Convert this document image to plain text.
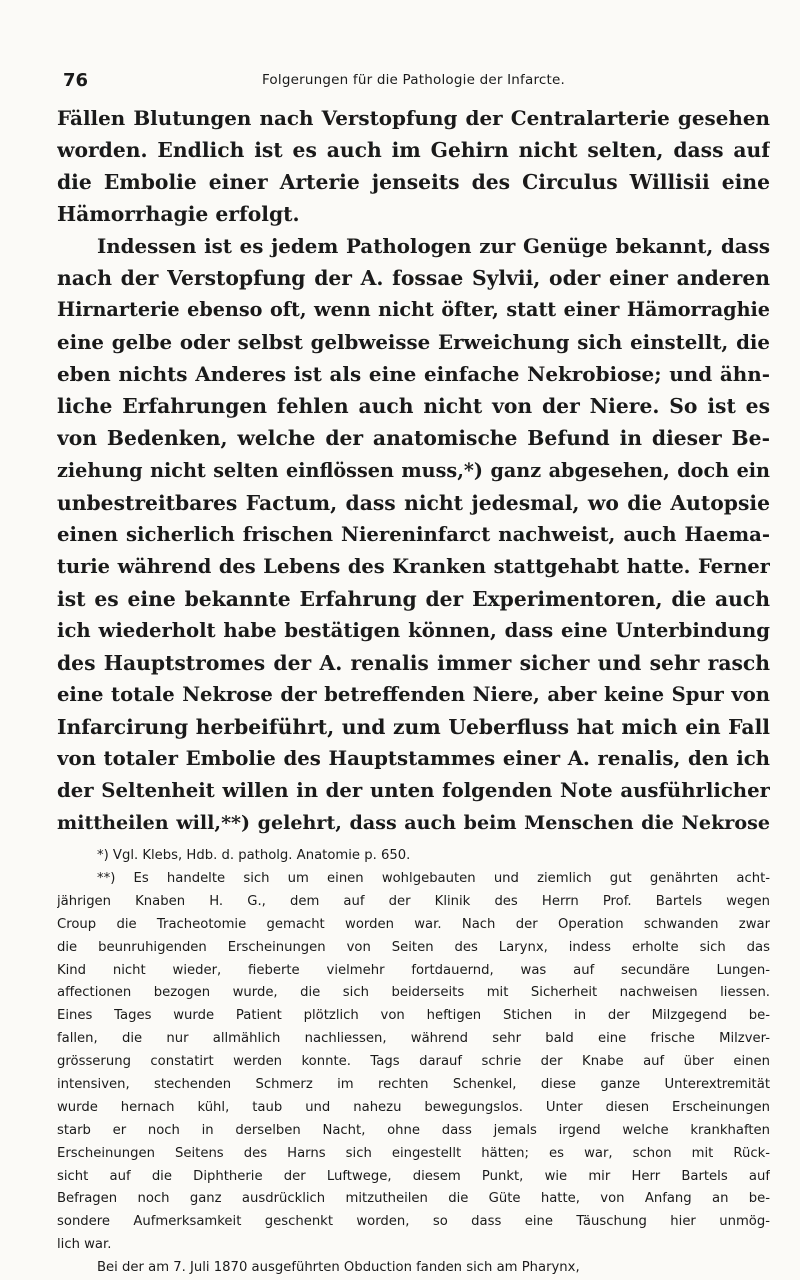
76	Folgerungen für die Pathologie der Infarcte.
Fällen Blutungen nach Verstopfung der Centralarterie gesehen
worden. Endlich ist es auch im Gehirn nicht selten, dass auf
die Embolie einer Arterie jenseits des Circulus Willisii eine
Hämorrhagie erfolgt.
Indessen ist es jedem Pathologen zur Genüge bekannt, dass
nach der Verstopfung der A. fossae Sylvii, oder einer anderen
Hirnarterie ebenso oft, wenn nicht öfter, statt einer Hämorraghie
eine gelbe oder selbst gelbweisse Erweichung sich einstellt, die
eben nichts Anderes ist als eine einfache Nekrobiose; und ähn-
liche Erfahrungen fehlen auch nicht von der Niere. So ist es
von Bedenken, welche der anatomische Befund in dieser Be-
ziehung nicht selten einflössen muss,*) ganz abgesehen, doch ein
unbestreitbares Factum, dass nicht jedesmal, wo die Autopsie
einen sicherlich frischen Niereninfarct nachweist, auch Haema-
turie während des Lebens des Kranken stattgehabt hatte. Ferner
ist es eine bekannte Erfahrung der Experimentoren, die auch
ich wiederholt habe bestätigen können, dass eine Unterbindung
des Hauptstromes der A. renalis immer sicher und sehr rasch
eine totale Nekrose der betreffenden Niere, aber keine Spur von
Infarcirung herbeiführt, und zum Ueberfluss hat mich ein Fall
von totaler Embolie des Hauptstammes einer A. renalis, den ich
der Seltenheit willen in der unten folgenden Note ausführlicher
mittheilen will,**) gelehrt, dass auch beim Menschen die Nekrose
*) Vgl. Klebs, Hdb. d. patholg. Anatomie p. 650.
**) Es handelte sich um einen wohlgebauten und ziemlich gut genährten acht-
jährigen Knaben H. G., dem auf der Klinik des Herrn Prof. Bartels wegen
Croup die Tracheotomie gemacht worden war. Nach der Operation schwanden zwar
die beunruhigenden Erscheinungen von Seiten des Larynx, indess erholte sich das
Kind nicht wieder, fieberte vielmehr fortdauernd, was auf secundäre Lungen-
affectionen bezogen wurde, die sich beiderseits mit Sicherheit nachweisen liessen.
Eines Tages wurde Patient plötzlich von heftigen Stichen in der Milzgegend be-
fallen, die nur allmählich nachliessen, während sehr bald eine frische Milzver-
grösserung constatirt werden konnte. Tags darauf schrie der Knabe auf über einen
intensiven, stechenden Schmerz im rechten Schenkel, diese ganze Unterextremität
wurde hernach kühl, taub und nahezu bewegungslos. Unter diesen Erscheinungen
starb er noch in derselben Nacht, ohne dass jemals irgend welche krankhaften
Erscheinungen Seitens des Harns sich eingestellt hätten; es war, schon mit Rück-
sicht auf die Diphtherie der Luftwege, diesem Punkt, wie mir Herr Bartels auf
Befragen noch ganz ausdrücklich mitzutheilen die Güte hatte, von Anfang an be-
sondere Aufmerksamkeit geschenkt worden, so dass eine Täuschung hier unmög-
lich war.
Bei der am 7. Juli 1870 ausgeführten Obduction fanden sich am Pharynx,
